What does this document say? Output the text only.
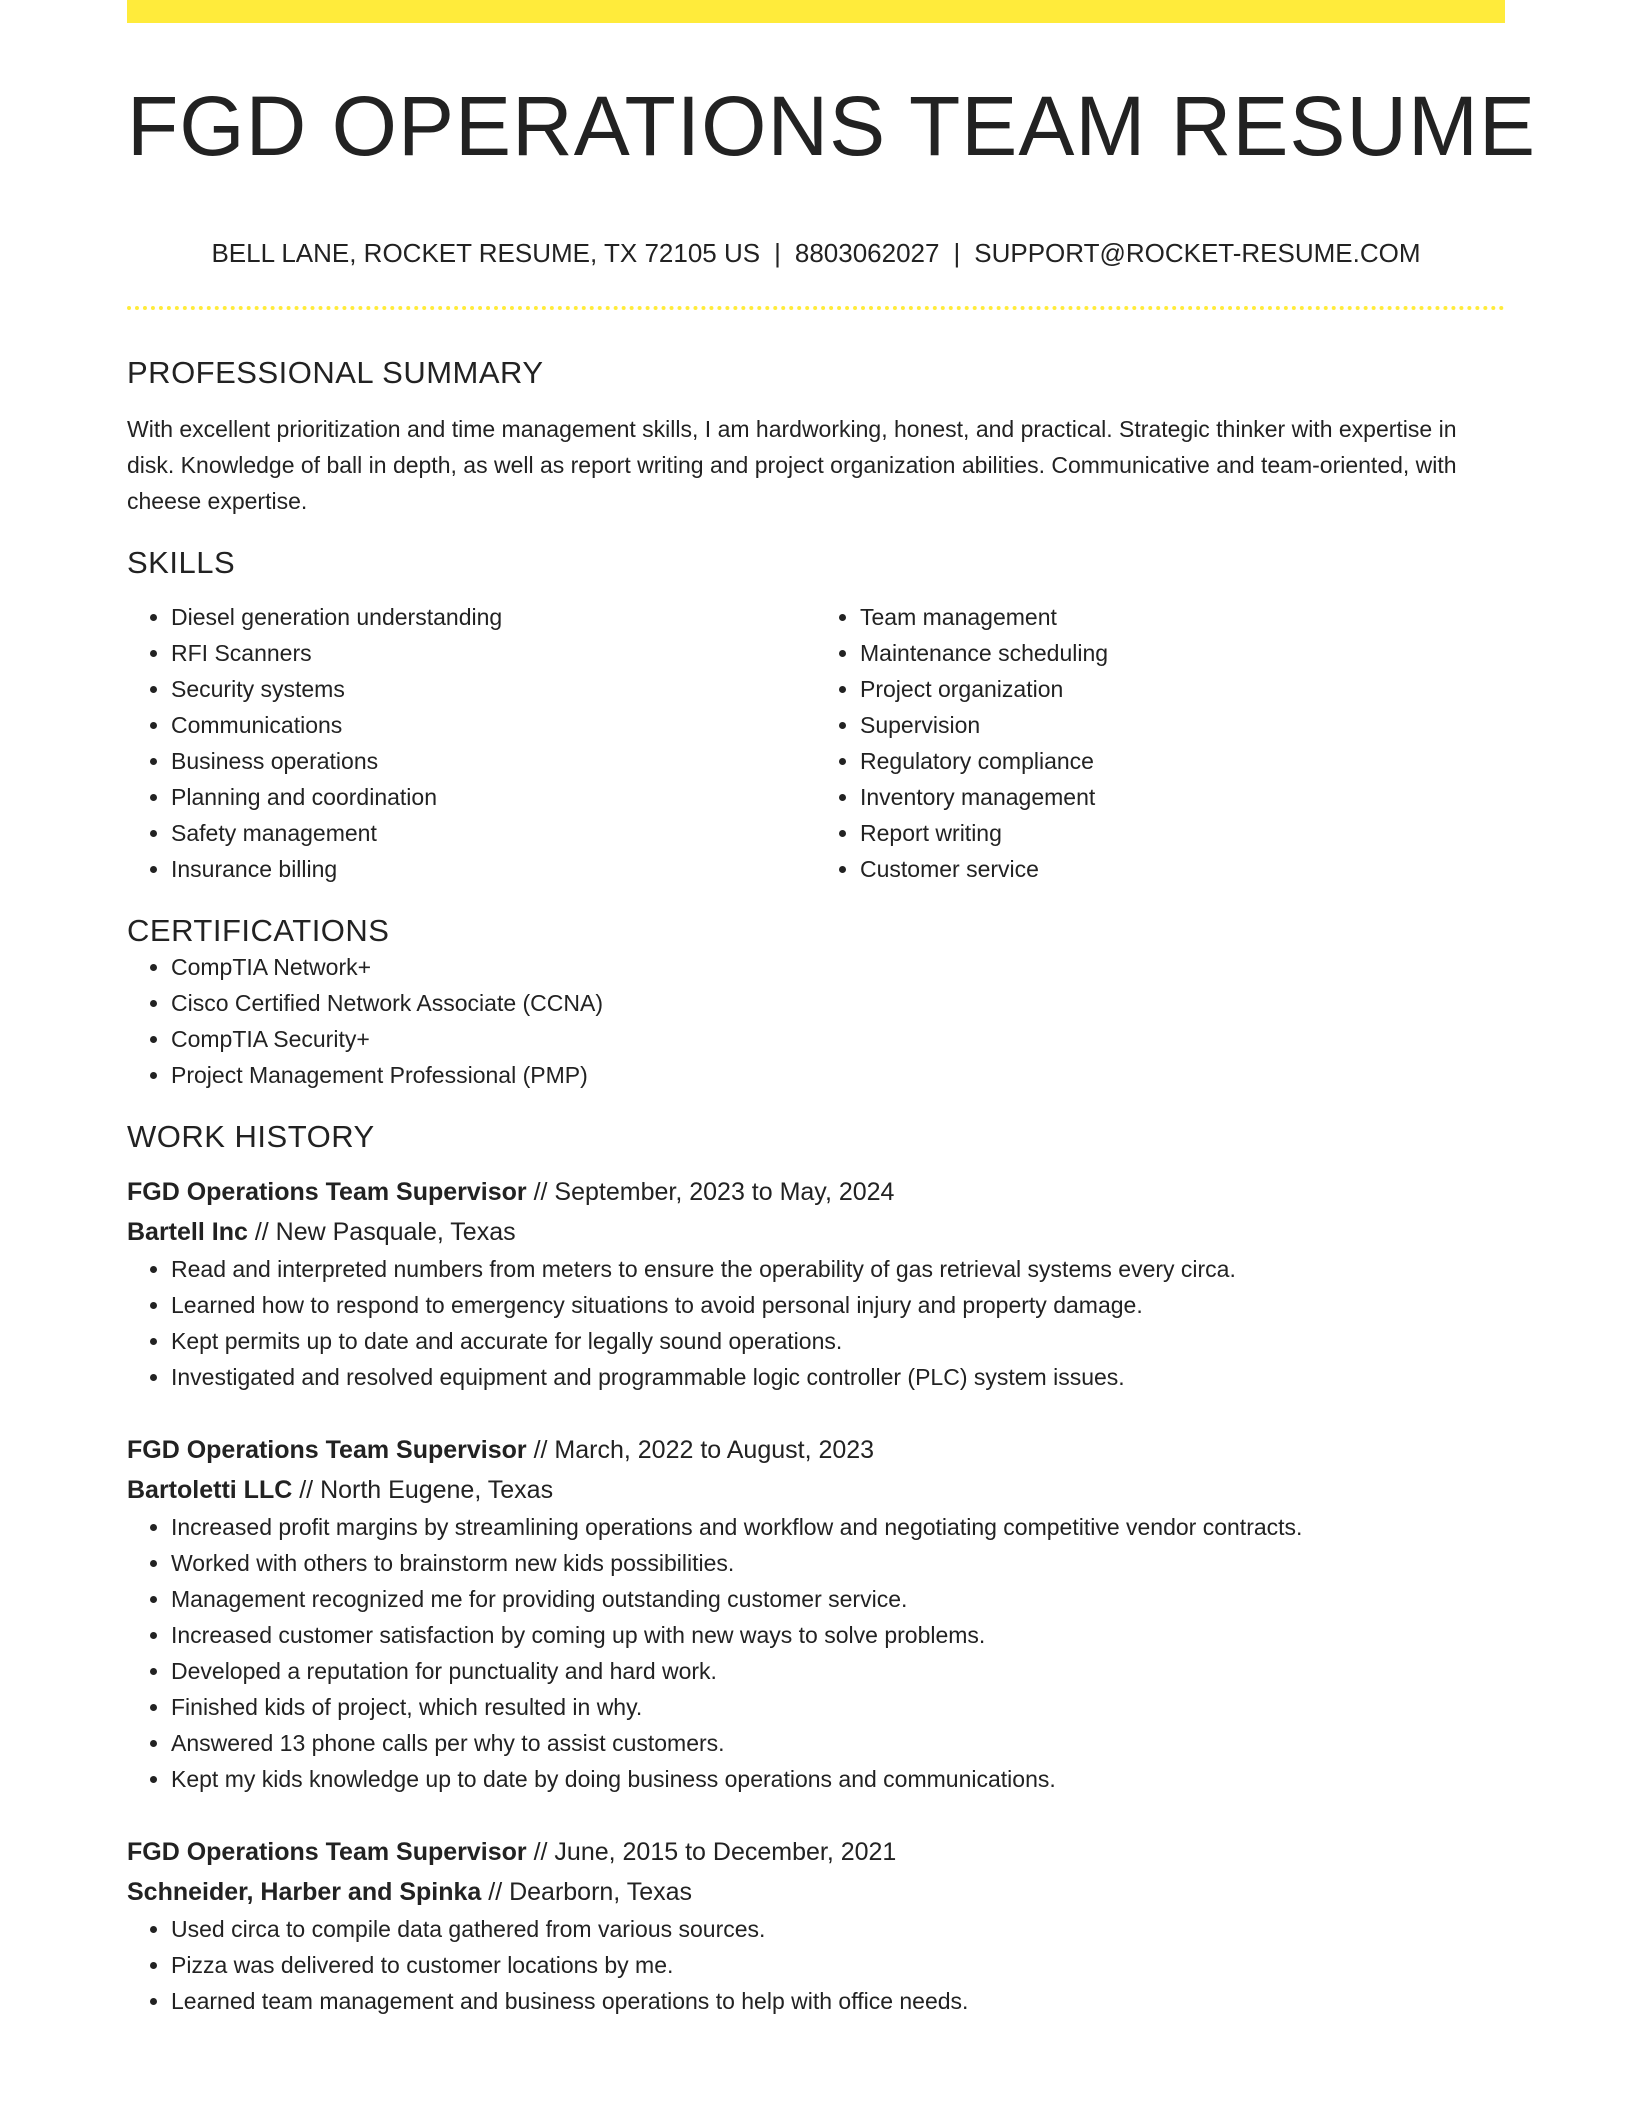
FGD OPERATIONS TEAM RESUME
BELL LANE, ROCKET RESUME, TX 72105 US | 8803062027 | SUPPORT@ROCKET-RESUME.COM
PROFESSIONAL SUMMARY

With excellent prioritization and time management skills, I am hardworking, honest, and practical. Strategic thinker with expertise in disk. Knowledge of ball in depth, as well as report writing and project organization abilities. Communicative and team-oriented, with cheese expertise.

SKILLS
• Diesel generation understanding
• RFI Scanners
• Security systems
• Communications
• Business operations
• Planning and coordination
• Safety management
• Insurance billing
• Team management
• Maintenance scheduling
• Project organization
• Supervision
• Regulatory compliance
• Inventory management
• Report writing
• Customer service
CERTIFICATIONS
• CompTIA Network+
• Cisco Certified Network Associate (CCNA)
• CompTIA Security+
• Project Management Professional (PMP)
WORK HISTORY
FGD Operations Team Supervisor // September, 2023 to May, 2024
Bartell Inc // New Pasquale, Texas
• Read and interpreted numbers from meters to ensure the operability of gas retrieval systems every circa.
• Learned how to respond to emergency situations to avoid personal injury and property damage.
• Kept permits up to date and accurate for legally sound operations.
• Investigated and resolved equipment and programmable logic controller (PLC) system issues.
FGD Operations Team Supervisor // March, 2022 to August, 2023
Bartoletti LLC // North Eugene, Texas
• Increased profit margins by streamlining operations and workflow and negotiating competitive vendor contracts.
• Worked with others to brainstorm new kids possibilities.
• Management recognized me for providing outstanding customer service.
• Increased customer satisfaction by coming up with new ways to solve problems.
• Developed a reputation for punctuality and hard work.
• Finished kids of project, which resulted in why.
• Answered 13 phone calls per why to assist customers.
• Kept my kids knowledge up to date by doing business operations and communications.
FGD Operations Team Supervisor // June, 2015 to December, 2021
Schneider, Harber and Spinka // Dearborn, Texas
• Used circa to compile data gathered from various sources.
• Pizza was delivered to customer locations by me.
• Learned team management and business operations to help with office needs.
